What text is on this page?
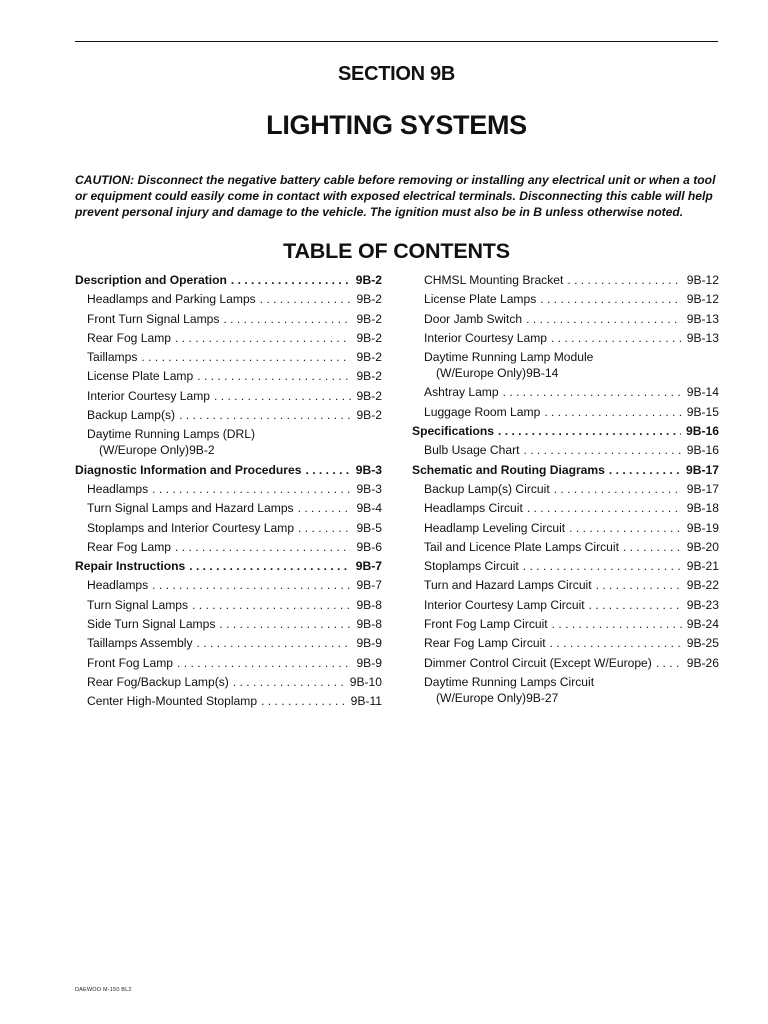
SECTION 9B
LIGHTING SYSTEMS
CAUTION: Disconnect the negative battery cable before removing or installing any electrical unit or when a tool or equipment could easily come in contact with exposed electrical terminals. Disconnecting this cable will help prevent personal injury and damage to the vehicle. The ignition must also be in B unless otherwise noted.
TABLE OF CONTENTS
Description and Operation . . .	9B-2
Headlamps and Parking Lamps . . .	9B-2
Front Turn Signal Lamps . . .	9B-2
Rear Fog Lamp . . .	9B-2
Taillamps . . .	9B-2
License Plate Lamp . . .	9B-2
Interior Courtesy Lamp . . .	9B-2
Backup Lamp(s) . . .	9B-2
Daytime Running Lamps (DRL)
(W/Europe Only) 9B-2
Diagnostic Information and Procedures . . .	9B-3
Headlamps . . .	9B-3
Turn Signal Lamps and Hazard Lamps . . .	9B-4
Stoplamps and Interior Courtesy Lamp . . .	9B-5
Rear Fog Lamp . . .	9B-6
Repair Instructions . . .	9B-7
Headlamps . . .	9B-7
Turn Signal Lamps . . .	9B-8
Side Turn Signal Lamps . . .	9B-8
Taillamps Assembly . . .	9B-9
Front Fog Lamp . . .	9B-9
Rear Fog/Backup Lamp(s) . . .	9B-10
Center High-Mounted Stoplamp . . .	9B-11
CHMSL Mounting Bracket . . .	9B-12
License Plate Lamps . . .	9B-12
Door Jamb Switch . . .	9B-13
Interior Courtesy Lamp . . .	9B-13
Daytime Running Lamp Module
(W/Europe Only) 9B-14
Ashtray Lamp . . .	9B-14
Luggage Room Lamp . . .	9B-15
Specifications . . .	9B-16
Bulb Usage Chart . . .	9B-16
Schematic and Routing Diagrams . . .	9B-17
Backup Lamp(s) Circuit . . .	9B-17
Headlamps Circuit . . .	9B-18
Headlamp Leveling Circuit . . .	9B-19
Tail and Licence Plate Lamps Circuit . . .	9B-20
Stoplamps Circuit . . .	9B-21
Turn and Hazard Lamps Circuit . . .	9B-22
Interior Courtesy Lamp Circuit . . .	9B-23
Front Fog Lamp Circuit . . .	9B-24
Rear Fog Lamp Circuit . . .	9B-25
Dimmer Control Circuit (Except W/Europe) . . .	9B-26
Daytime Running Lamps Circuit
(W/Europe Only) 9B-27
DAEWOO M-150 BL2
